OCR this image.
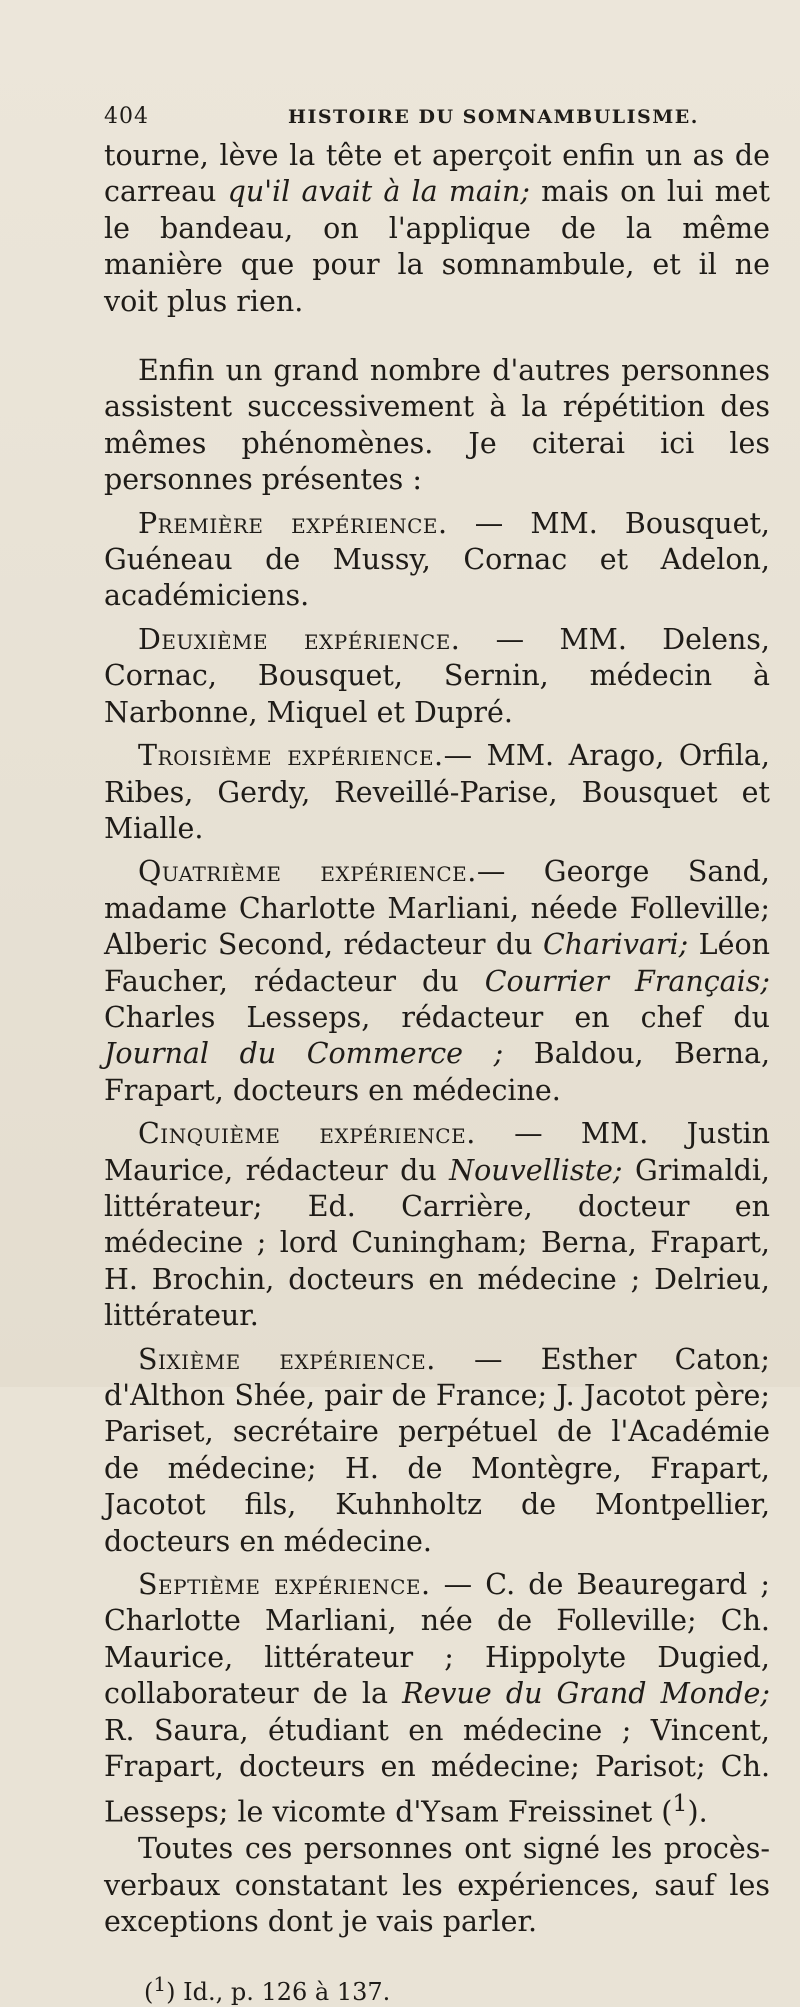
404	HISTOIRE DU SOMNAMBULISME.

tourne, lève la tête et aperçoit enfin un as de carreau qu'il avait à la main; mais on lui met le bandeau, on l'applique de la même manière que pour la somnambule, et il ne voit plus rien.

Enfin un grand nombre d'autres personnes assistent successivement à la répétition des mêmes phénomènes. Je citerai ici les personnes présentes :

Première expérience. — MM. Bousquet, Guéneau de Mussy, Cornac et Adelon, académiciens.

Deuxième expérience. — MM. Delens, Cornac, Bousquet, Sernin, médecin à Narbonne, Miquel et Dupré.

Troisième expérience.— MM. Arago, Orfila, Ribes, Gerdy, Reveillé-Parise, Bousquet et Mialle.

Quatrième expérience.— George Sand, madame Charlotte Marliani, néede Folleville; Alberic Second, rédacteur du Charivari; Léon Faucher, rédacteur du Courrier Français; Charles Lesseps, rédacteur en chef du Journal du Commerce ; Baldou, Berna, Frapart, docteurs en médecine.

Cinquième expérience. — MM. Justin Maurice, rédacteur du Nouvelliste; Grimaldi, littérateur; Ed. Carrière, docteur en médecine ; lord Cuningham; Berna, Frapart, H. Brochin, docteurs en médecine ; Delrieu, littérateur.

Sixième expérience. — Esther Caton; d'Althon Shée, pair de France; J. Jacotot père; Pariset, secrétaire perpétuel de l'Académie de médecine; H. de Montègre, Frapart, Jacotot fils, Kuhnholtz de Montpellier, docteurs en médecine.

Septième expérience. — C. de Beauregard ; Charlotte Marliani, née de Folleville; Ch. Maurice, littérateur ; Hippolyte Dugied, collaborateur de la Revue du Grand Monde; R. Saura, étudiant en médecine ; Vincent, Frapart, docteurs en médecine; Parisot; Ch. Lesseps; le vicomte d'Ysam Freissinet ($^1$).

Toutes ces personnes ont signé les procès-verbaux constatant les expériences, sauf les exceptions dont je vais parler.

($^1$) Id., p. 126 à 137.
